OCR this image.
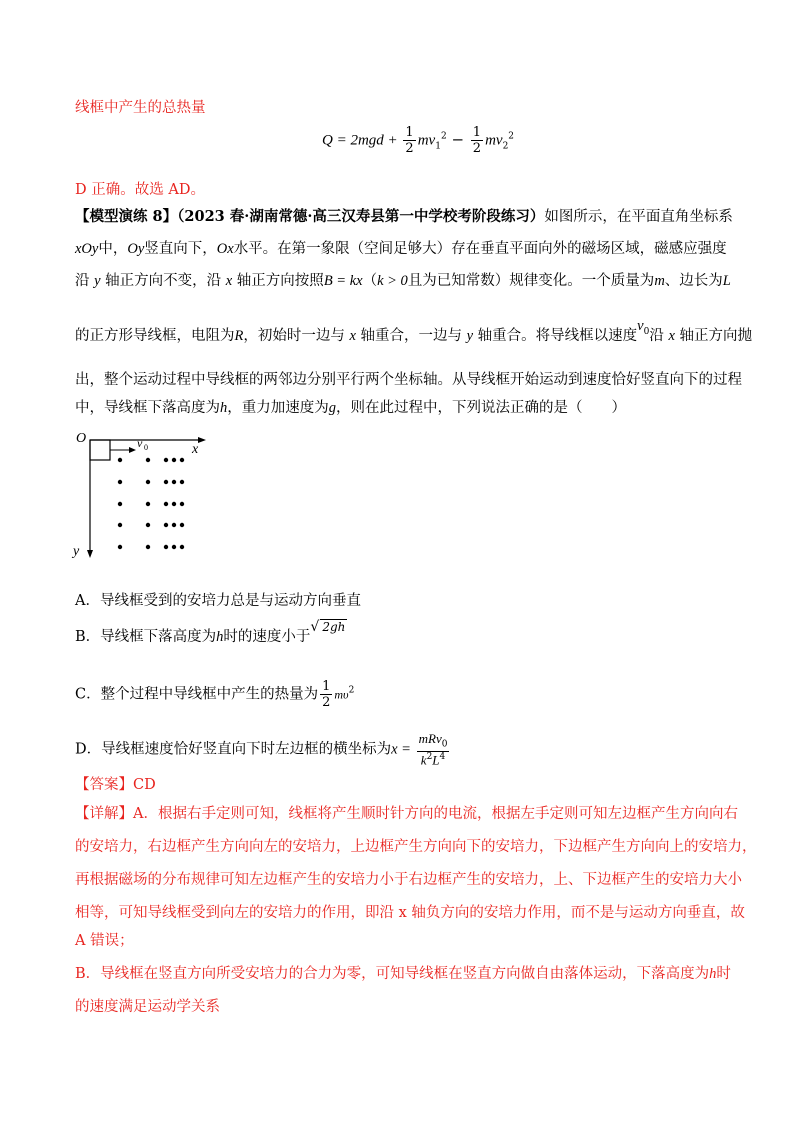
线框中产生的总热量
$Q = 2mgd + \frac{1}{2} mv_1^2 - \frac{1}{2} mv_2^2$
D 正确。故选 AD。
【模型演练 8】（2023 春·湖南常德·高三汉寿县第一中学校考阶段练习）如图所示，在平面直角坐标系
xOy中，Oy竖直向下，Ox水平。在第一象限（空间足够大）存在垂直平面向外的磁场区域，磁感应强度
沿 y 轴正方向不变，沿 x 轴正方向按照B = kx（k > 0且为已知常数）规律变化。一个质量为m、边长为L
的正方形导线框，电阻为R，初始时一边与 x 轴重合，一边与 y 轴重合。将导线框以速度$v_0$沿 x 轴正方向抛
出，整个运动过程中导线框的两邻边分别平行两个坐标轴。从导线框开始运动到速度恰好竖直向下的过程
中，导线框下落高度为h，重力加速度为g，则在此过程中，下列说法正确的是（　　）
O
x
y
v 0
A．导线框受到的安培力总是与运动方向垂直
B．导线框下落高度为h时的速度小于√ 2gh
C．整个过程中导线框中产生的热量为 $\frac{1}{2} m\upsilon^2$
D．导线框速度恰好竖直向下时左边框的横坐标为$x = \frac{mRv_0}{k^2L^4}$
【答案】CD
【详解】A．根据右手定则可知，线框将产生顺时针方向的电流，根据左手定则可知左边框产生方向向右
的安培力，右边框产生方向向左的安培力，上边框产生方向向下的安培力，下边框产生方向向上的安培力，
再根据磁场的分布规律可知左边框产生的安培力小于右边框产生的安培力，上、下边框产生的安培力大小
相等，可知导线框受到向左的安培力的作用，即沿 x 轴负方向的安培力作用，而不是与运动方向垂直，故
A 错误；
B．导线框在竖直方向所受安培力的合力为零，可知导线框在竖直方向做自由落体运动，下落高度为h时
的速度满足运动学关系
